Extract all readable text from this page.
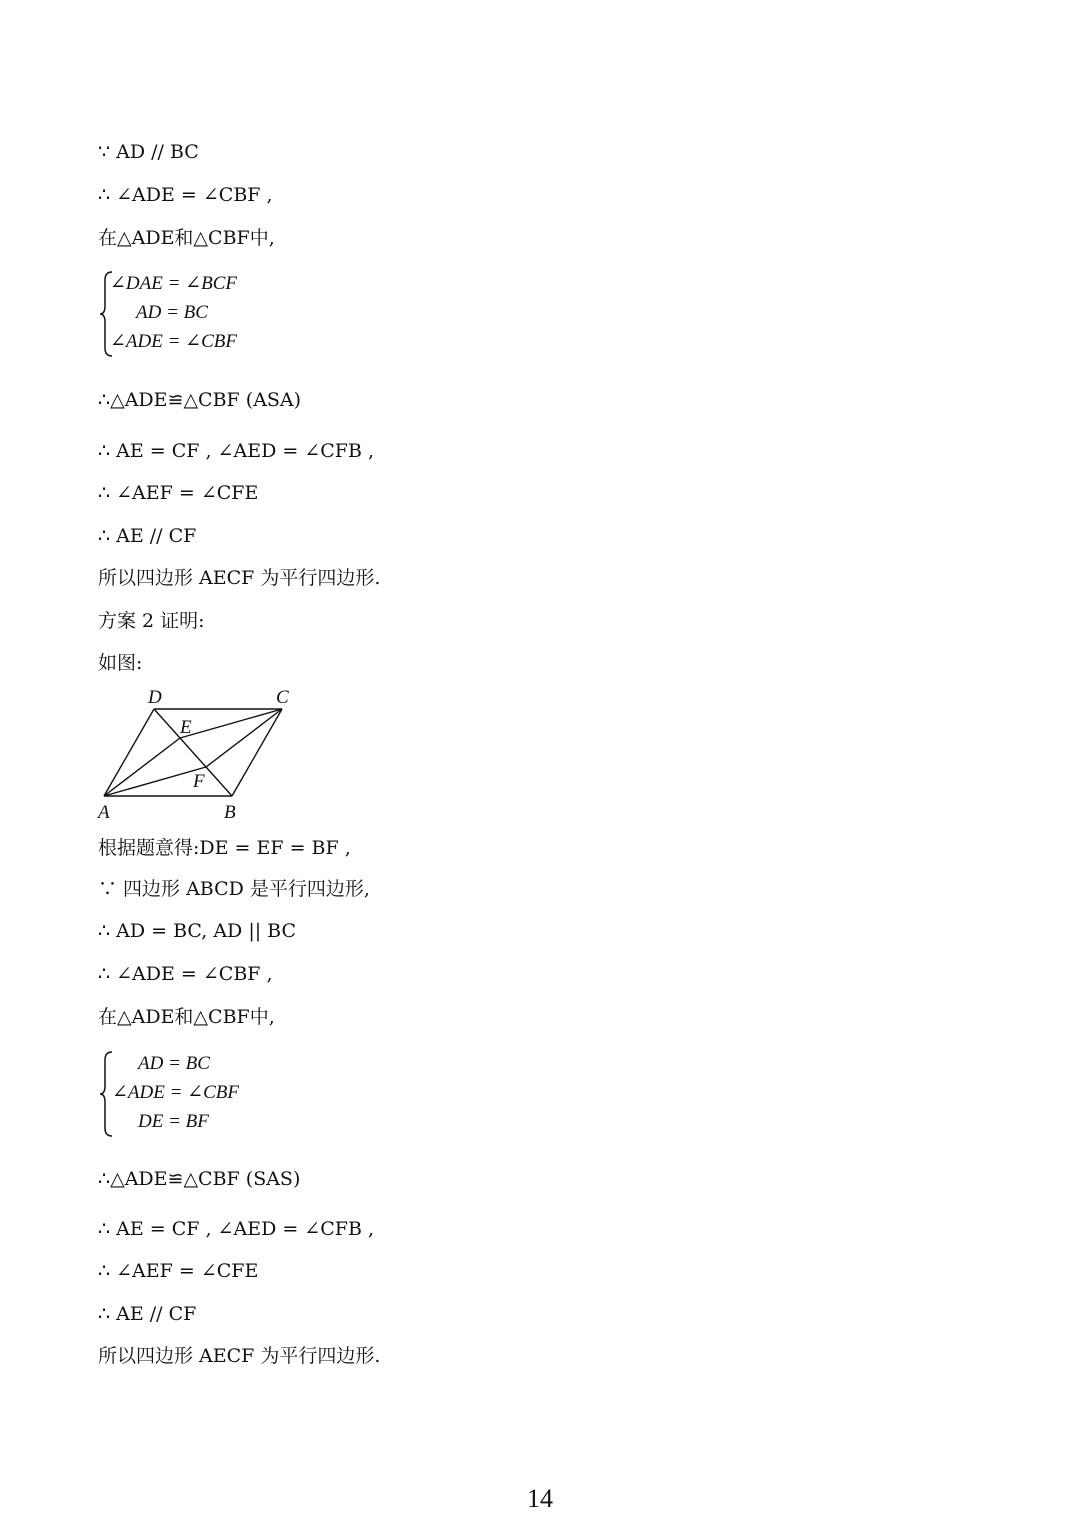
∵ AD // BC
∴ ∠ADE = ∠CBF ,
在△ADE和△CBF中,
∠DAE = ∠BCF
AD = BC
∠ADE = ∠CBF
∴△ADE≌△CBF (ASA)
∴ AE = CF , ∠AED = ∠CFB ,
∴ ∠AEF = ∠CFE
∴ AE // CF
所以四边形 AECF 为平行四边形.
方案 2 证明:
如图:
D	C
E
F
A	B
根据题意得:DE = EF = BF ,
∵ 四边形 ABCD 是平行四边形,
∴ AD = BC, AD || BC
∴ ∠ADE = ∠CBF ,
在△ADE和△CBF中,
AD = BC
∠ADE = ∠CBF
DE = BF
∴△ADE≌△CBF (SAS)
∴ AE = CF , ∠AED = ∠CFB ,
∴ ∠AEF = ∠CFE
∴ AE // CF
所以四边形 AECF 为平行四边形.
14
